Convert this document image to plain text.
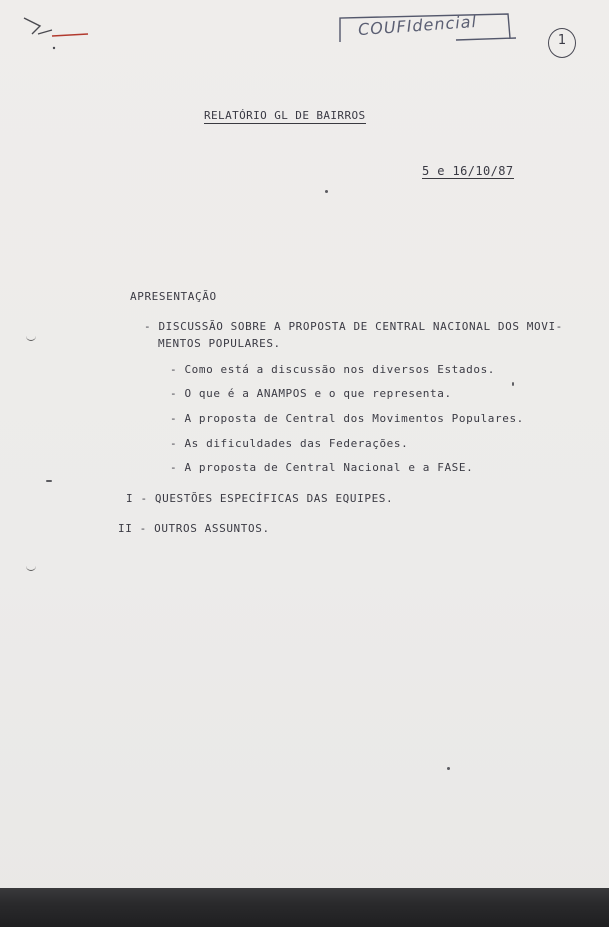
COUFIdencial
1
RELATÓRIO GL DE BAIRROS
5 e 16/10/87
APRESENTAÇÃO
- DISCUSSÃO SOBRE A PROPOSTA DE CENTRAL NACIONAL DOS MOVI-
MENTOS POPULARES.
- Como está a discussão nos diversos Estados.
- O que é a ANAMPOS e o que representa.
- A proposta de Central dos Movimentos Populares.
- As dificuldades das Federações.
- A proposta de Central Nacional e a FASE.
I - QUESTÕES ESPECÍFICAS DAS EQUIPES.
II - OUTROS ASSUNTOS.
